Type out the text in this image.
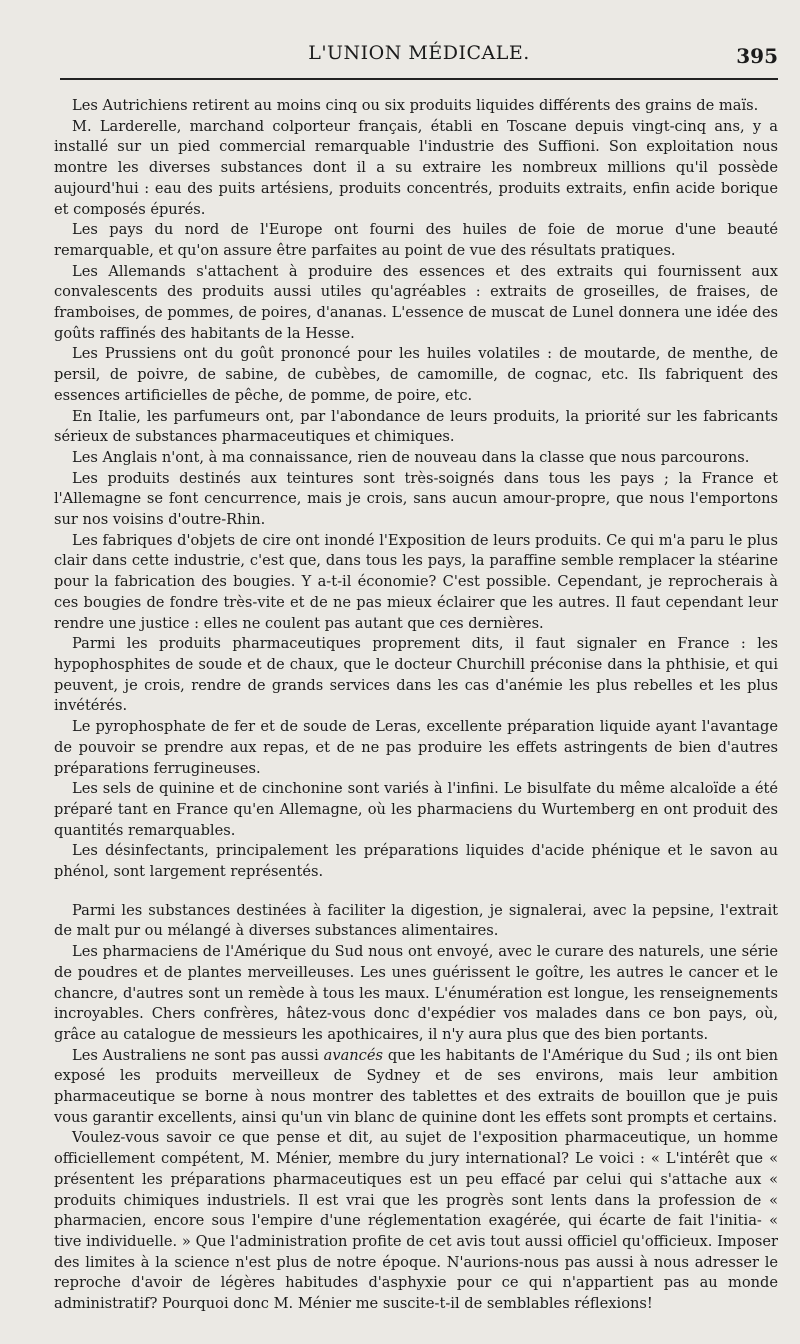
L'UNION MÉDICALE.	395

Les Autrichiens retirent au moins cinq ou six produits liquides différents des grains de maïs.

M. Larderelle, marchand colporteur français, établi en Toscane depuis vingt-cinq ans, y a installé sur un pied commercial remarquable l'industrie des Suffioni. Son exploitation nous montre les diverses substances dont il a su extraire les nombreux millions qu'il possède aujourd'hui : eau des puits artésiens, produits concentrés, produits extraits, enfin acide borique et composés épurés.

Les pays du nord de l'Europe ont fourni des huiles de foie de morue d'une beauté remarquable, et qu'on assure être parfaites au point de vue des résultats pratiques.

Les Allemands s'attachent à produire des essences et des extraits qui fournissent aux convalescents des produits aussi utiles qu'agréables : extraits de groseilles, de fraises, de framboises, de pommes, de poires, d'ananas. L'essence de muscat de Lunel donnera une idée des goûts raffinés des habitants de la Hesse.

Les Prussiens ont du goût prononcé pour les huiles volatiles : de moutarde, de menthe, de persil, de poivre, de sabine, de cubèbes, de camomille, de cognac, etc. Ils fabriquent des essences artificielles de pêche, de pomme, de poire, etc.

En Italie, les parfumeurs ont, par l'abondance de leurs produits, la priorité sur les fabricants sérieux de substances pharmaceutiques et chimiques.

Les Anglais n'ont, à ma connaissance, rien de nouveau dans la classe que nous parcourons.

Les produits destinés aux teintures sont très-soignés dans tous les pays ; la France et l'Allemagne se font cencurrence, mais je crois, sans aucun amour-propre, que nous l'emportons sur nos voisins d'outre-Rhin.

Les fabriques d'objets de cire ont inondé l'Exposition de leurs produits. Ce qui m'a paru le plus clair dans cette industrie, c'est que, dans tous les pays, la paraffine semble remplacer la stéarine pour la fabrication des bougies. Y a-t-il économie? C'est possible. Cependant, je reprocherais à ces bougies de fondre très-vite et de ne pas mieux éclairer que les autres. Il faut cependant leur rendre une justice : elles ne coulent pas autant que ces dernières.

Parmi les produits pharmaceutiques proprement dits, il faut signaler en France : les hypophosphites de soude et de chaux, que le docteur Churchill préconise dans la phthisie, et qui peuvent, je crois, rendre de grands services dans les cas d'anémie les plus rebelles et les plus invétérés.

Le pyrophosphate de fer et de soude de Leras, excellente préparation liquide ayant l'avantage de pouvoir se prendre aux repas, et de ne pas produire les effets astringents de bien d'autres préparations ferrugineuses.

Les sels de quinine et de cinchonine sont variés à l'infini. Le bisulfate du même alcaloïde a été préparé tant en France qu'en Allemagne, où les pharmaciens du Wurtemberg en ont produit des quantités remarquables.

Les désinfectants, principalement les préparations liquides d'acide phénique et le savon au phénol, sont largement représentés.

Parmi les substances destinées à faciliter la digestion, je signalerai, avec la pepsine, l'extrait de malt pur ou mélangé à diverses substances alimentaires.

Les pharmaciens de l'Amérique du Sud nous ont envoyé, avec le curare des naturels, une série de poudres et de plantes merveilleuses. Les unes guérissent le goître, les autres le cancer et le chancre, d'autres sont un remède à tous les maux. L'énumération est longue, les renseignements incroyables. Chers confrères, hâtez-vous donc d'expédier vos malades dans ce bon pays, où, grâce au catalogue de messieurs les apothicaires, il n'y aura plus que des bien portants.

Les Australiens ne sont pas aussi avancés que les habitants de l'Amérique du Sud ; ils ont bien exposé les produits merveilleux de Sydney et de ses environs, mais leur ambition pharmaceutique se borne à nous montrer des tablettes et des extraits de bouillon que je puis vous garantir excellents, ainsi qu'un vin blanc de quinine dont les effets sont prompts et certains.

Voulez-vous savoir ce que pense et dit, au sujet de l'exposition pharmaceutique, un homme officiellement compétent, M. Ménier, membre du jury international? Le voici : « L'intérêt que « présentent les préparations pharmaceutiques est un peu effacé par celui qui s'attache aux « produits chimiques industriels. Il est vrai que les progrès sont lents dans la profession de « pharmacien, encore sous l'empire d'une réglementation exagérée, qui écarte de fait l'initia- « tive individuelle. » Que l'administration profite de cet avis tout aussi officiel qu'officieux. Imposer des limites à la science n'est plus de notre époque. N'aurions-nous pas aussi à nous adresser le reproche d'avoir de légères habitudes d'asphyxie pour ce qui n'appartient pas au monde administratif? Pourquoi donc M. Ménier me suscite-t-il de semblables réflexions!
